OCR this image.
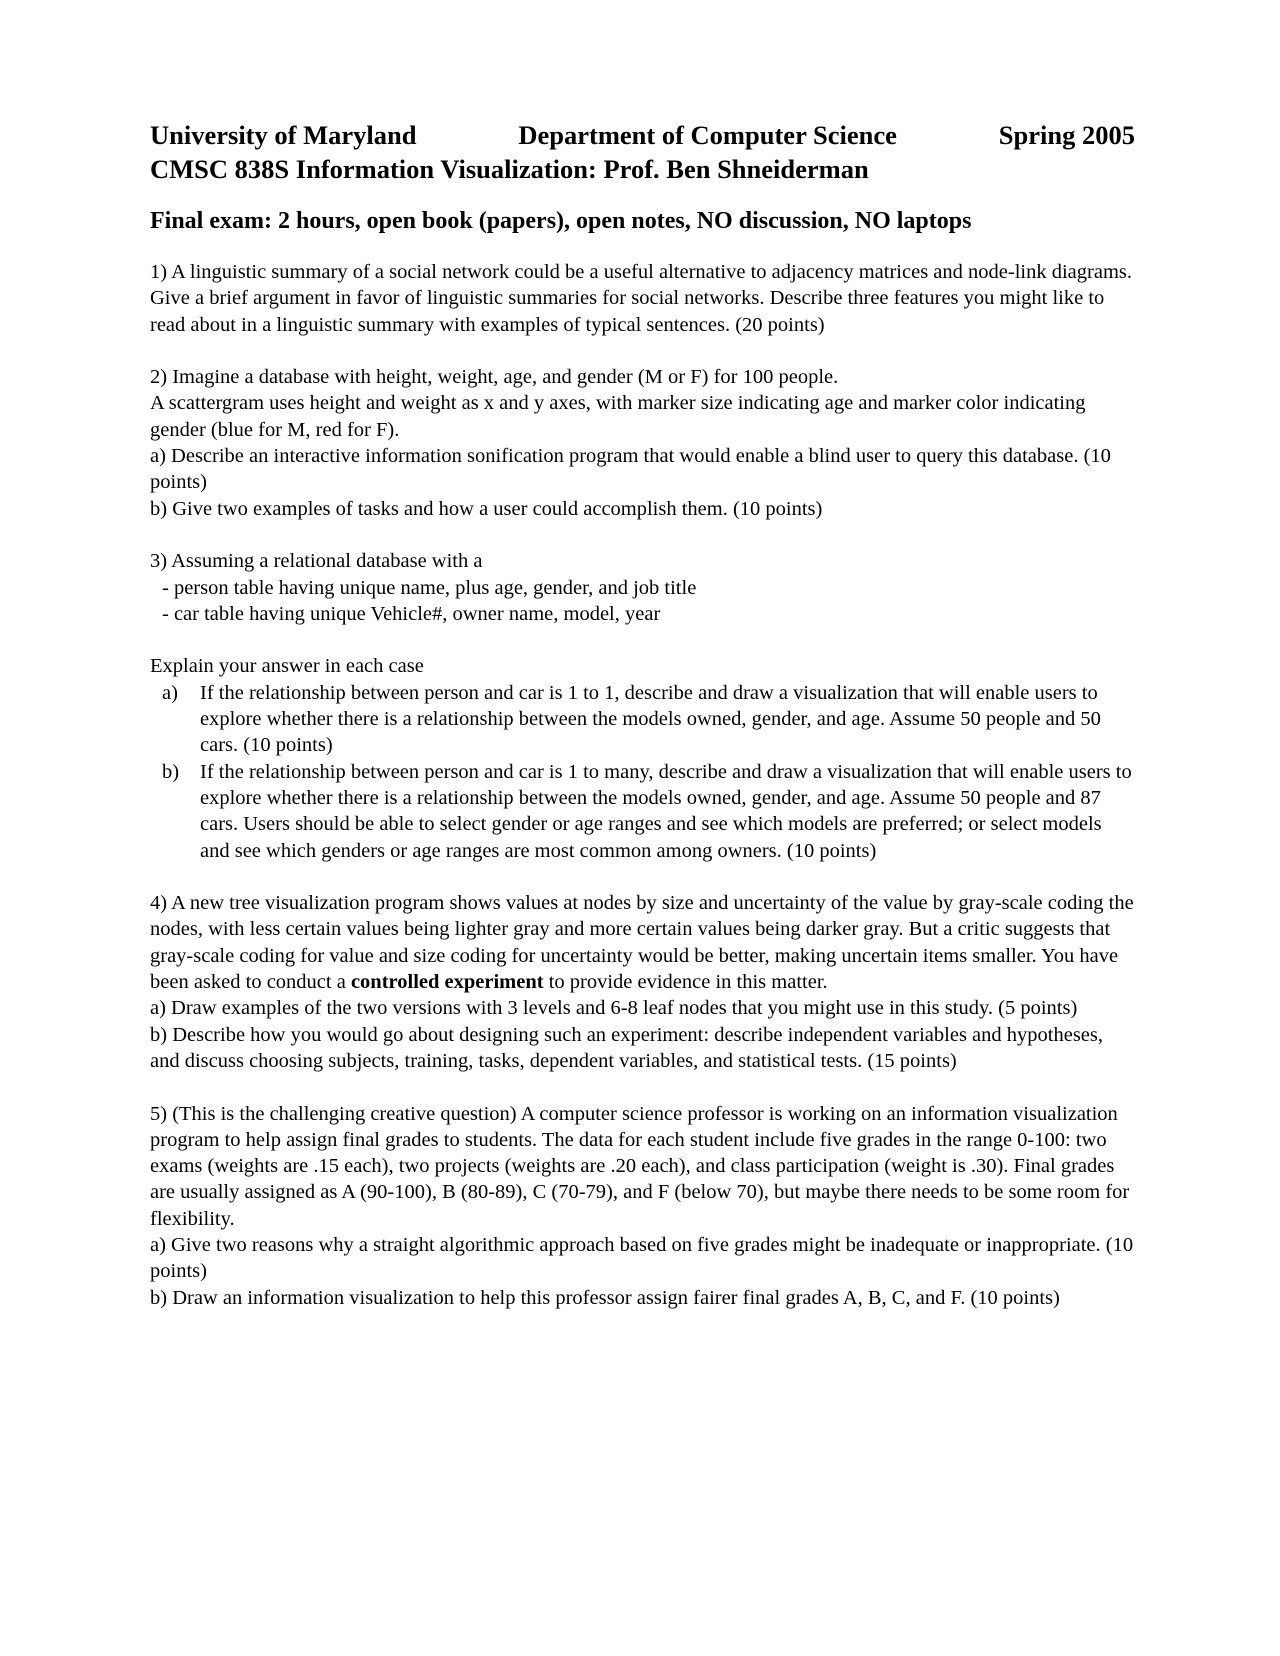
University of Maryland	Department of Computer Science	Spring 2005
CMSC 838S Information Visualization: Prof. Ben Shneiderman
Final exam: 2 hours, open book (papers), open notes, NO discussion, NO laptops

1) A linguistic summary of a social network could be a useful alternative to adjacency matrices and node-link diagrams. Give a brief argument in favor of linguistic summaries for social networks. Describe three features you might like to read about in a linguistic summary with examples of typical sentences. (20 points)

2) Imagine a database with height, weight, age, and gender (M or F) for 100 people.

A scattergram uses height and weight as x and y axes, with marker size indicating age and marker color indicating gender (blue for M, red for F).

a) Describe an interactive information sonification program that would enable a blind user to query this database. (10 points)

b) Give two examples of tasks and how a user could accomplish them. (10 points)

3) Assuming a relational database with a

- person table having unique name, plus age, gender, and job title

- car table having unique Vehicle#, owner name, model, year

Explain your answer in each case

a)	If the relationship between person and car is 1 to 1, describe and draw a visualization that will enable users to explore whether there is a relationship between the models owned, gender, and age. Assume 50 people and 50 cars. (10 points)
b)	If the relationship between person and car is 1 to many, describe and draw a visualization that will enable users to explore whether there is a relationship between the models owned, gender, and age. Assume 50 people and 87 cars. Users should be able to select gender or age ranges and see which models are preferred; or select models and see which genders or age ranges are most common among owners. (10 points)

4) A new tree visualization program shows values at nodes by size and uncertainty of the value by gray-scale coding the nodes, with less certain values being lighter gray and more certain values being darker gray. But a critic suggests that gray-scale coding for value and size coding for uncertainty would be better, making uncertain items smaller. You have been asked to conduct a controlled experiment to provide evidence in this matter.

a) Draw examples of the two versions with 3 levels and 6-8 leaf nodes that you might use in this study. (5 points)

b) Describe how you would go about designing such an experiment: describe independent variables and hypotheses, and discuss choosing subjects, training, tasks, dependent variables, and statistical tests. (15 points)

5) (This is the challenging creative question) A computer science professor is working on an information visualization program to help assign final grades to students. The data for each student include five grades in the range 0-100: two exams (weights are .15 each), two projects (weights are .20 each), and class participation (weight is .30). Final grades are usually assigned as A (90-100), B (80-89), C (70-79), and F (below 70), but maybe there needs to be some room for flexibility.

a) Give two reasons why a straight algorithmic approach based on five grades might be inadequate or inappropriate. (10 points)

b) Draw an information visualization to help this professor assign fairer final grades A, B, C, and F. (10 points)
